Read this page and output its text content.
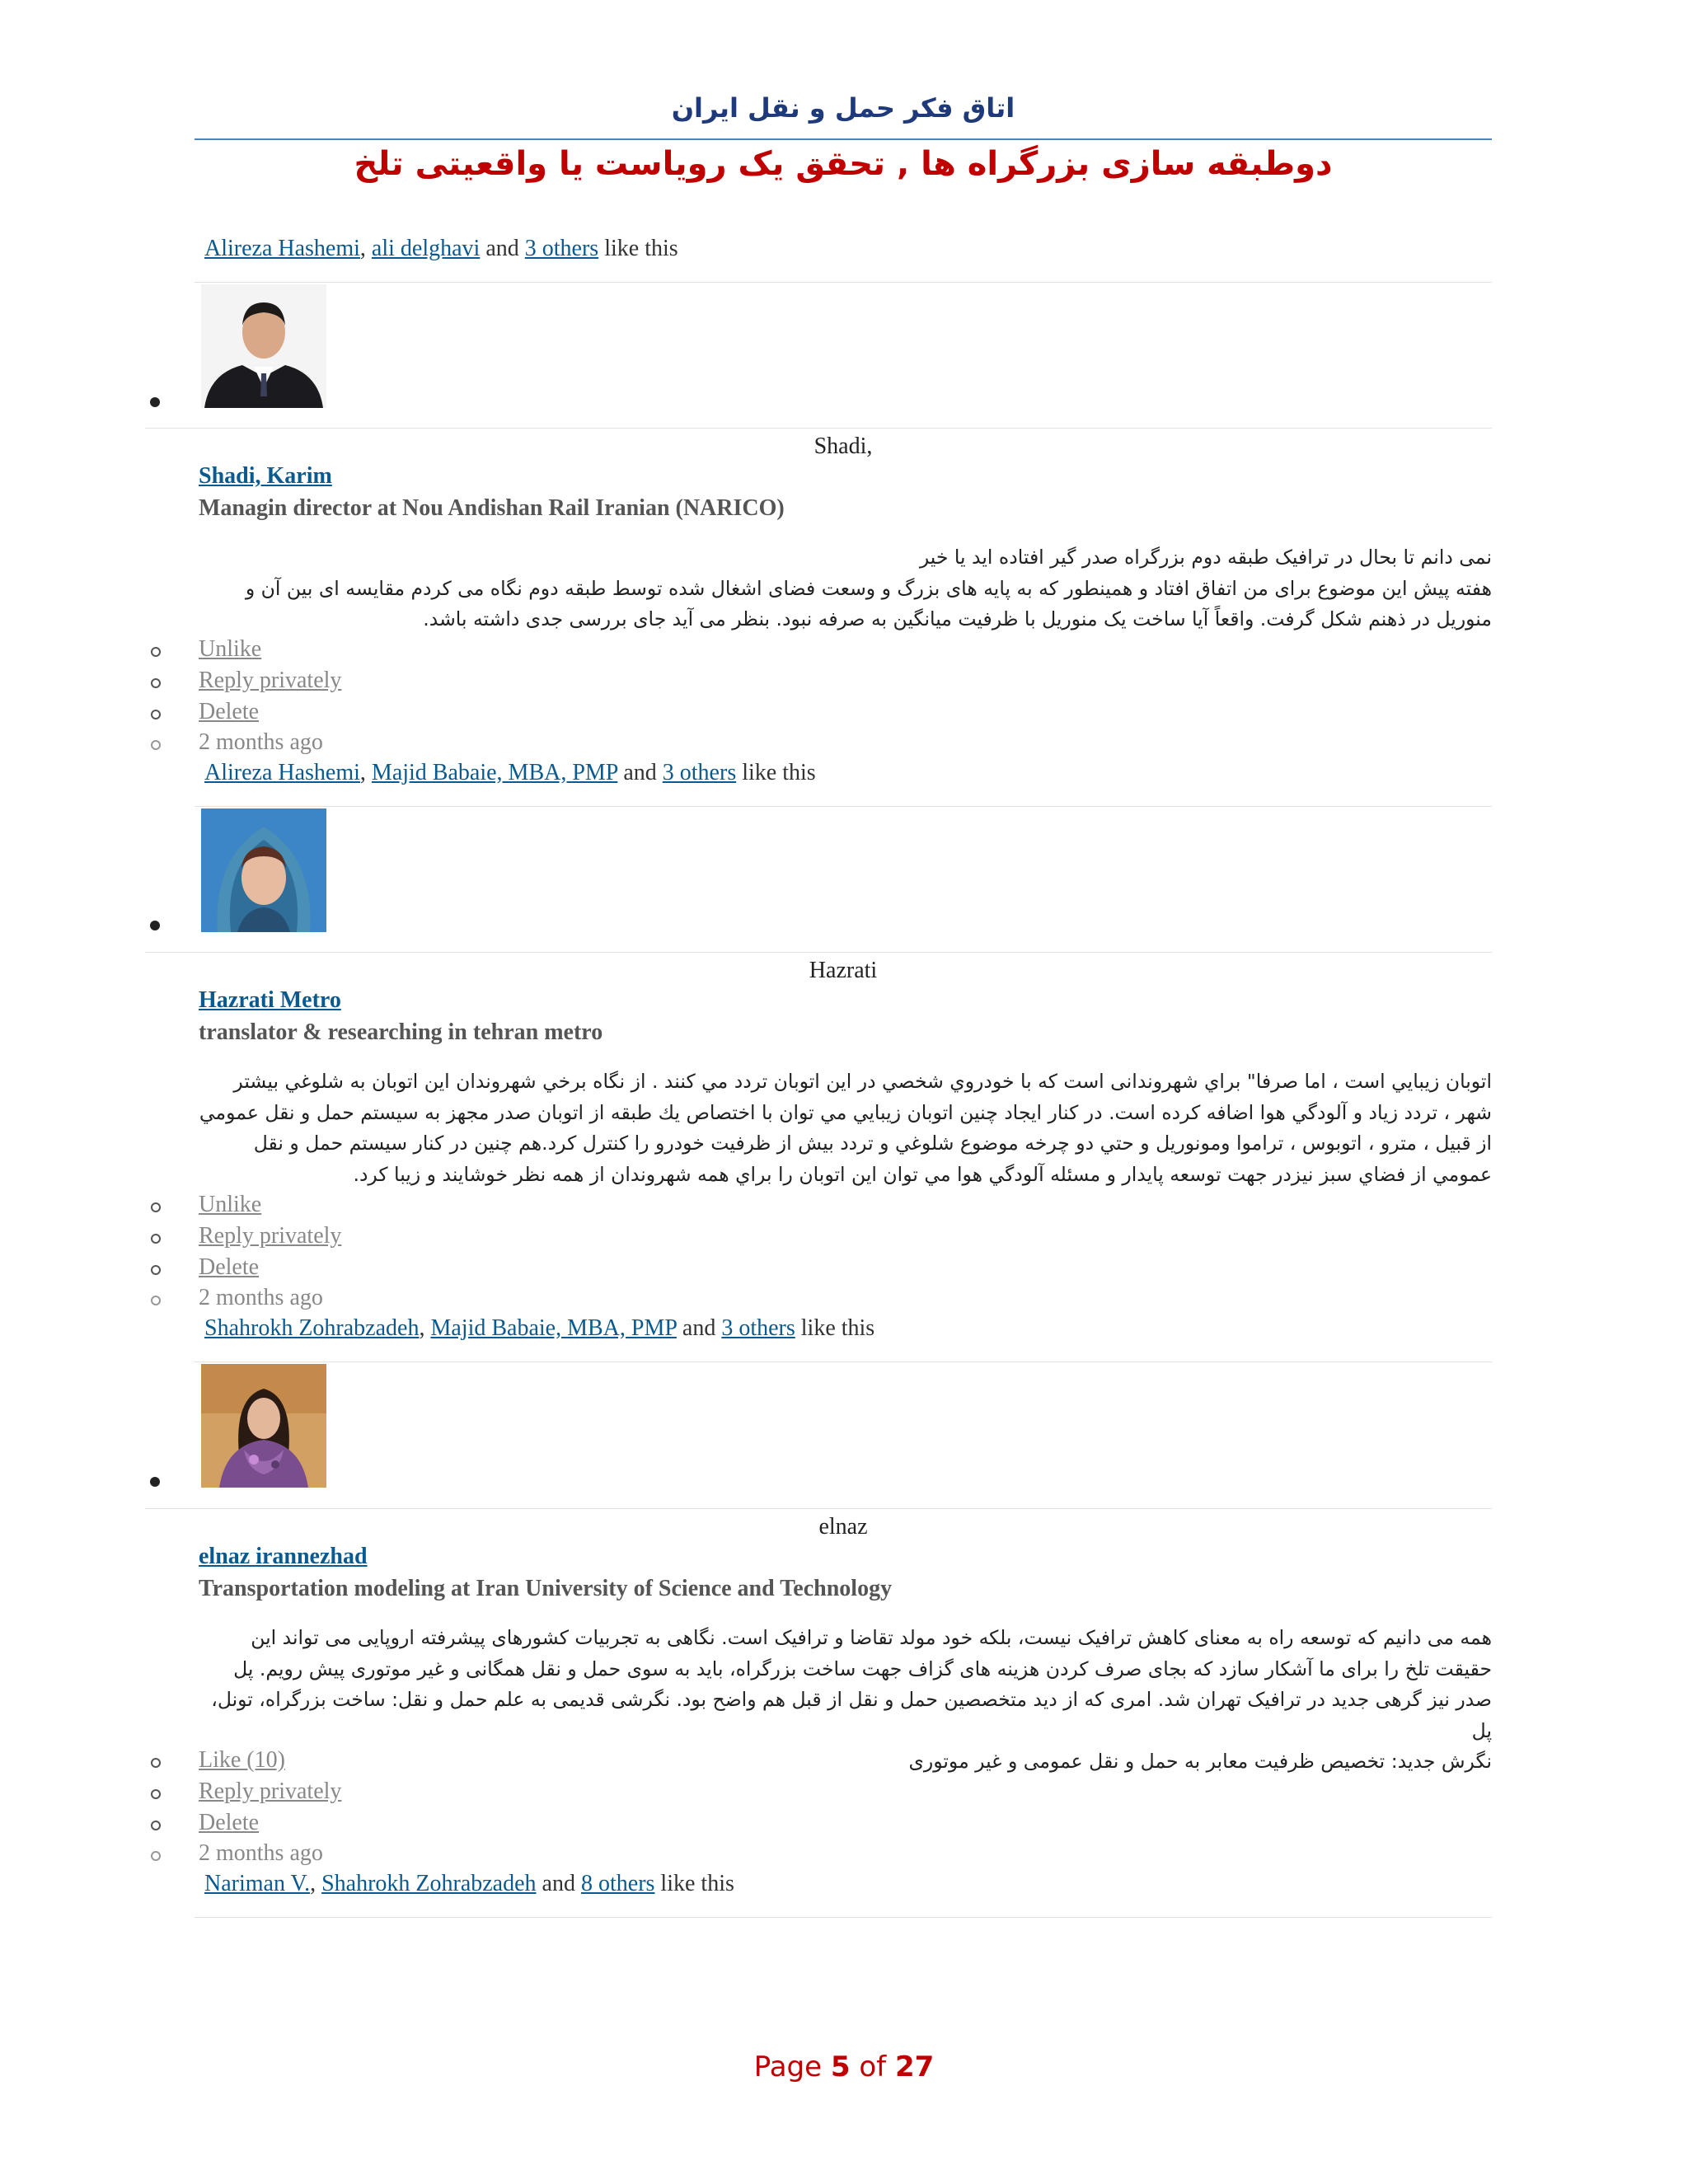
اتاق فکر حمل و نقل ایران
دوطبقه سازی بزرگراه ها , تحقق یک رویاست یا واقعیتی تلخ
Alireza Hashemi, ali delghavi and 3 others like this
Shadi,
Shadi, Karim
Managin director at Nou Andishan Rail Iranian (NARICO)

نمی دانم تا بحال در ترافیک طبقه دوم بزرگراه صدر گیر افتاده اید یا خیر

هفته پیش این موضوع برای من اتفاق افتاد و همینطور که به پایه های بزرگ و وسعت فضای اشغال شده توسط طبقه دوم نگاه می کردم مقایسه ای بین آن و منوریل در ذهنم شکل گرفت. واقعاً آیا ساخت یک منوریل با ظرفیت میانگین به صرفه نبود. بنظر می آید جای بررسی جدی داشته باشد.

Unlike
Reply privately
Delete
2 months ago
Alireza Hashemi, Majid Babaie, MBA, PMP and 3 others like this
Hazrati
Hazrati Metro
translator & researching in tehran metro

اتوبان زيبايي است ، اما صرفا" براي شهروندانی است که با خودروي شخصي در اين اتوبان تردد مي كنند . از نگاه برخي شهروندان اين اتوبان به شلوغي بيشتر شهر ، تردد زياد و آلودگي هوا اضافه کرده است. در کنار ايجاد چنين اتوبان زيبايي مي توان با اختصاص يك طبقه از اتوبان صدر مجهز به سيستم حمل و نقل عمومي از قبيل ، مترو ، اتوبوس ، تراموا ومونوريل و حتي دو چرخه موضوع شلوغي و تردد بيش از ظرفيت خودرو را كنترل كرد.هم چنين در كنار سيستم حمل و نقل عمومي از فضاي سبز نيزدر جهت توسعه پايدار و مسئله آلودگي هوا مي توان اين اتوبان را براي همه شهروندان از همه نظر خوشايند و زيبا كرد.

Unlike
Reply privately
Delete
2 months ago
Shahrokh Zohrabzadeh, Majid Babaie, MBA, PMP and 3 others like this
elnaz
elnaz irannezhad
Transportation modeling at Iran University of Science and Technology

همه می دانیم که توسعه راه به معنای کاهش ترافیک نیست، بلکه خود مولد تقاضا و ترافیک است. نگاهی به تجربیات کشورهای پیشرفته اروپایی می تواند این حقیقت تلخ را برای ما آشکار سازد که بجای صرف کردن هزینه های گزاف جهت ساخت بزرگراه، باید به سوی حمل و نقل همگانی و غیر موتوری پیش رویم. پل صدر نیز گرهی جدید در ترافیک تهران شد. امری که از دید متخصصین حمل و نقل از قبل هم واضح بود. نگرشی قدیمی به علم حمل و نقل: ساخت بزرگراه، تونل، پل

نگرش جدید: تخصیص ظرفیت معابر به حمل و نقل عمومی و غیر موتوری

Like (10)
Reply privately
Delete
2 months ago
Nariman V., Shahrokh Zohrabzadeh and 8 others like this
Page 5 of 27
